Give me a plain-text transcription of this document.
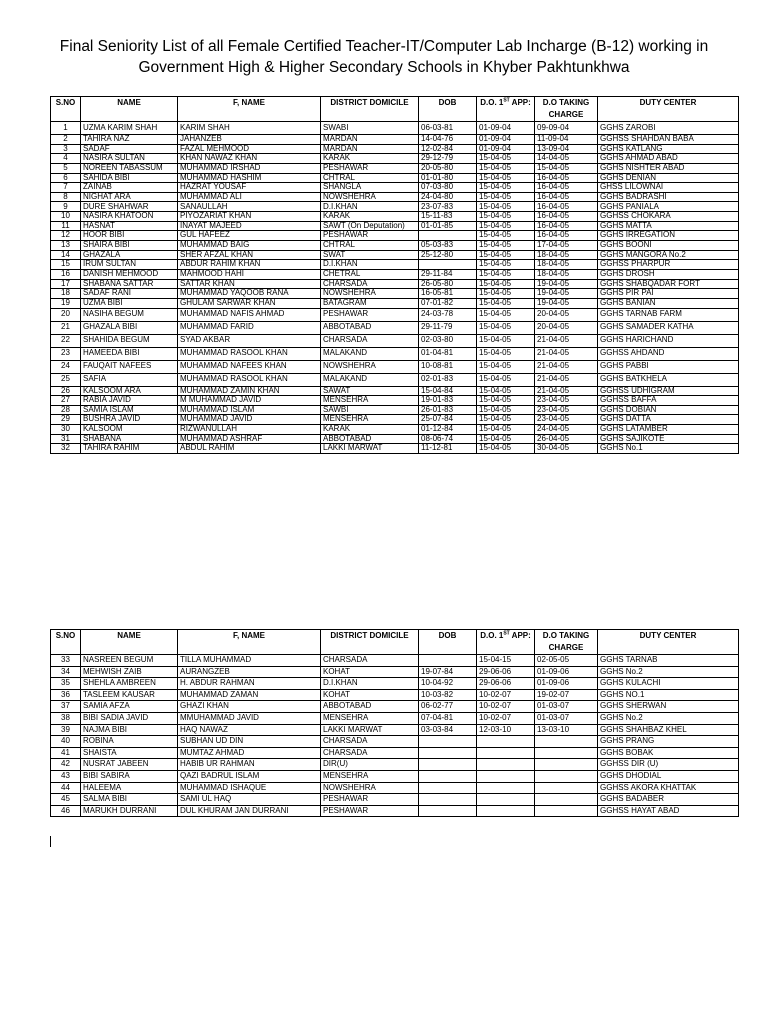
Final Seniority List of all Female Certified Teacher-IT/Computer Lab Incharge (B-12) working in
Government High & Higher Secondary Schools in Khyber Pakhtunkhwa
S.NO	NAME	F, NAME	DISTRICT DOMICILE	DOB	D.O. 1ST APP:	D.O TAKING CHARGE	DUTY CENTER
1	UZMA KARIM SHAH	KARIM SHAH	SWABI	06-03-81	01-09-04	09-09-04	GGHS ZAROBI
2	TAHIRA NAZ	JAHANZEB	MARDAN	14-04-76	01-09-04	11-09-04	GGHSS SHAHDAN BABA
3	SADAF	FAZAL MEHMOOD	MARDAN	12-02-84	01-09-04	13-09-04	GGHS KATLANG
4	NASIRA SULTAN	KHAN NAWAZ KHAN	KARAK	29-12-79	15-04-05	14-04-05	GGHS AHMAD ABAD
5	NOREEN TABASSUM	MUHAMMAD IRSHAD	PESHAWAR	20-05-80	15-04-05	15-04-05	GGHS NISHTER ABAD
6	SAHIDA BIBI	MUHAMMAD HASHIM	CHTRAL	01-01-80	15-04-05	16-04-05	GGHS DENIAN
7	ZAINAB	HAZRAT YOUSAF	SHANGLA	07-03-80	15-04-05	16-04-05	GHSS LILOWNAI
8	NIGHAT ARA	MUHAMMAD ALI	NOWSHEHRA	24-04-80	15-04-05	16-04-05	GGHS BADRASHI
9	DURE SHAHWAR	SANAULLAH	D.I.KHAN	23-07-83	15-04-05	16-04-05	GGHS PANIALA
10	NASIRA KHATOON	PIYOZARIAT KHAN	KARAK	15-11-83	15-04-05	16-04-05	GGHSS CHOKARA
11	HASNAT	INAYAT MAJEED	SAWT (On Deputation)	01-01-85	15-04-05	16-04-05	GGHS MATTA
12	HOOR BIBI	GUL HAFEEZ	PESHAWAR		15-04-05	16-04-05	GGHS IRREGATION
13	SHAIRA BIBI	MUHAMMAD BAIG	CHTRAL	05-03-83	15-04-05	17-04-05	GGHS BOONI
14	GHAZALA	SHER AFZAL KHAN	SWAT	25-12-80	15-04-05	18-04-05	GGHS MANGORA No.2
15	IRUM SULTAN	ABDUR RAHIM KHAN	D.I.KHAN		15-04-05	18-04-05	GGHSS PHARPUR
16	DANISH MEHMOOD	MAHMOOD HAHI	CHETRAL	29-11-84	15-04-05	18-04-05	GGHS DROSH
17	SHABANA SATTAR	SATTAR KHAN	CHARSADA	26-05-80	15-04-05	19-04-05	GGHS SHABQADAR FORT
18	SADAF RANI	MUHAMMAD YAQOOB RANA	NOWSHEHRA	16-05-81	15-04-05	19-04-05	GGHS PIR PAI
19	UZMA BIBI	GHULAM SARWAR KHAN	BATAGRAM	07-01-82	15-04-05	19-04-05	GGHS BANIAN
20	NASIHA BEGUM	MUHAMMAD NAFIS AHMAD	PESHAWAR	24-03-78	15-04-05	20-04-05	GGHS TARNAB FARM
21	GHAZALA BIBI	MUHAMMAD FARID	ABBOTABAD	29-11-79	15-04-05	20-04-05	GGHS SAMADER KATHA
22	SHAHIDA BEGUM	SYAD AKBAR	CHARSADA	02-03-80	15-04-05	21-04-05	GGHS HARICHAND
23	HAMEEDA BIBI	MUHAMMAD RASOOL KHAN	MALAKAND	01-04-81	15-04-05	21-04-05	GGHSS AHDAND
24	FAUQAIT NAFEES	MUHAMMAD NAFEES KHAN	NOWSHEHRA	10-08-81	15-04-05	21-04-05	GGHS PABBI
25	SAFIA	MUHAMMAD RASOOL KHAN	MALAKAND	02-01-83	15-04-05	21-04-05	GGHS BATKHELA
26	KALSOOM ARA	MUHAMMAD ZAMIN KHAN	SAWAT	15-04-84	15-04-05	21-04-05	GGHSS UDHIGRAM
27	RABIA JAVID	M MUHAMMAD JAVID	MENSEHRA	19-01-83	15-04-05	23-04-05	GGHSS BAFFA
28	SAMIA ISLAM	MUHAMMAD ISLAM	SAWBI	26-01-83	15-04-05	23-04-05	GGHS DOBIAN
29	BUSHRA JAVID	MUHAMMAD JAVID	MENSEHRA	25-07-84	15-04-05	23-04-05	GGHS DATTA
30	KALSOOM	RIZWANULLAH	KARAK	01-12-84	15-04-05	24-04-05	GGHS LATAMBER
31	SHABANA	MUHAMMAD ASHRAF	ABBOTABAD	08-06-74	15-04-05	26-04-05	GGHS SAJIKOTE
32	TAHIRA RAHIM	ABDUL RAHIM	LAKKI MARWAT	11-12-81	15-04-05	30-04-05	GGHS No.1
S.NO	NAME	F, NAME	DISTRICT DOMICILE	DOB	D.O. 1ST APP:	D.O TAKING CHARGE	DUTY CENTER
33	NASREEN BEGUM	TILLA MUHAMMAD	CHARSADA		15-04-15	02-05-05	GGHS TARNAB
34	MEHWISH ZAIB	AURANGZEB	KOHAT	19-07-84	29-06-06	01-09-06	GGHS No.2
35	SHEHLA AMBREEN	H. ABDUR RAHMAN	D.I.KHAN	10-04-92	29-06-06	01-09-06	GGHS KULACHI
36	TASLEEM KAUSAR	MUHAMMAD ZAMAN	KOHAT	10-03-82	10-02-07	19-02-07	GGHS NO.1
37	SAMIA AFZA	GHAZI KHAN	ABBOTABAD	06-02-77	10-02-07	01-03-07	GGHS SHERWAN
38	BIBI SADIA JAVID	MMUHAMMAD JAVID	MENSEHRA	07-04-81	10-02-07	01-03-07	GGHS No.2
39	NAJMA BIBI	HAQ NAWAZ	LAKKI MARWAT	03-03-84	12-03-10	13-03-10	GGHS SHAHBAZ KHEL
40	ROBINA	SUBHAN UD DIN	CHARSADA				GGHS PRANG
41	SHAISTA	MUMTAZ AHMAD	CHARSADA				GGHS BOBAK
42	NUSRAT JABEEN	HABIB UR RAHMAN	DIR(U)				GGHSS DIR (U)
43	BIBI SABIRA	QAZI BADRUL ISLAM	MENSEHRA				GGHS DHODIAL
44	HALEEMA	MUHAMMAD ISHAQUE	NOWSHEHRA				GGHSS AKORA KHATTAK
45	SALMA BIBI	SAMI UL HAQ	PESHAWAR				GGHS BADABER
46	MARUKH DURRANI	DUL KHURAM JAN DURRANI	PESHAWAR				GGHSS HAYAT ABAD
